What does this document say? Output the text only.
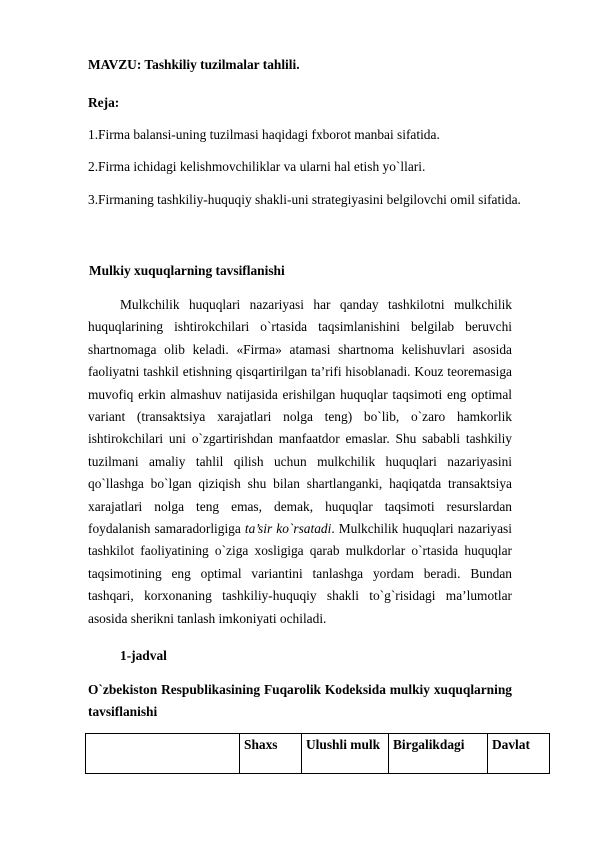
MAVZU: Tashkiliy tuzilmalar tahlili.
Reja:
1.Firma balansi-uning tuzilmasi haqidagi fxborot manbai sifatida.
2.Firma ichidagi kelishmovchiliklar va ularni hal etish yo`llari.
3.Firmaning tashkiliy-huquqiy shakli-uni strategiyasini belgilovchi omil sifatida.
Mulkiy xuquqlarning tavsiflanishi

Mulkchilik huquqlari nazariyasi har qanday tashkilotni mulkchilik huquqlarining ishtirokchilari o`rtasida taqsimlanishini belgilab beruvchi shartnomaga olib keladi. «Firma» atamasi shartnoma kelishuvlari asosida faoliyatni tashkil etishning qisqartirilgan ta’rifi hisoblanadi. Kouz teoremasiga muvofiq erkin almashuv natijasida erishilgan huquqlar taqsimoti eng optimal variant (transaktsiya xarajatlari nolga teng) bo`lib, o`zaro hamkorlik ishtirokchilari uni o`zgartirishdan manfaatdor emaslar. Shu sababli tashkiliy tuzilmani amaliy tahlil qilish uchun mulkchilik huquqlari nazariyasini qo`llashga bo`lgan qiziqish shu bilan shartlanganki, haqiqatda transaktsiya xarajatlari nolga teng emas, demak, huquqlar taqsimoti resurslardan foydalanish samaradorligiga ta’sir ko`rsatadi. Mulkchilik huquqlari nazariyasi tashkilot faoliyatining o`ziga xosligiga qarab mulkdorlar o`rtasida huquqlar taqsimotining eng optimal variantini tanlashga yordam beradi. Bundan tashqari, korxonaning tashkiliy-huquqiy shakli to`g`risidagi ma’lumotlar asosida sherikni tanlash imkoniyati ochiladi.

1-jadval
O`zbekiston Respublikasining Fuqarolik Kodeksida mulkiy xuquqlarning tavsiflanishi
	Shaxs	Ulushli mulk	Birgalikdagi	Davlat
